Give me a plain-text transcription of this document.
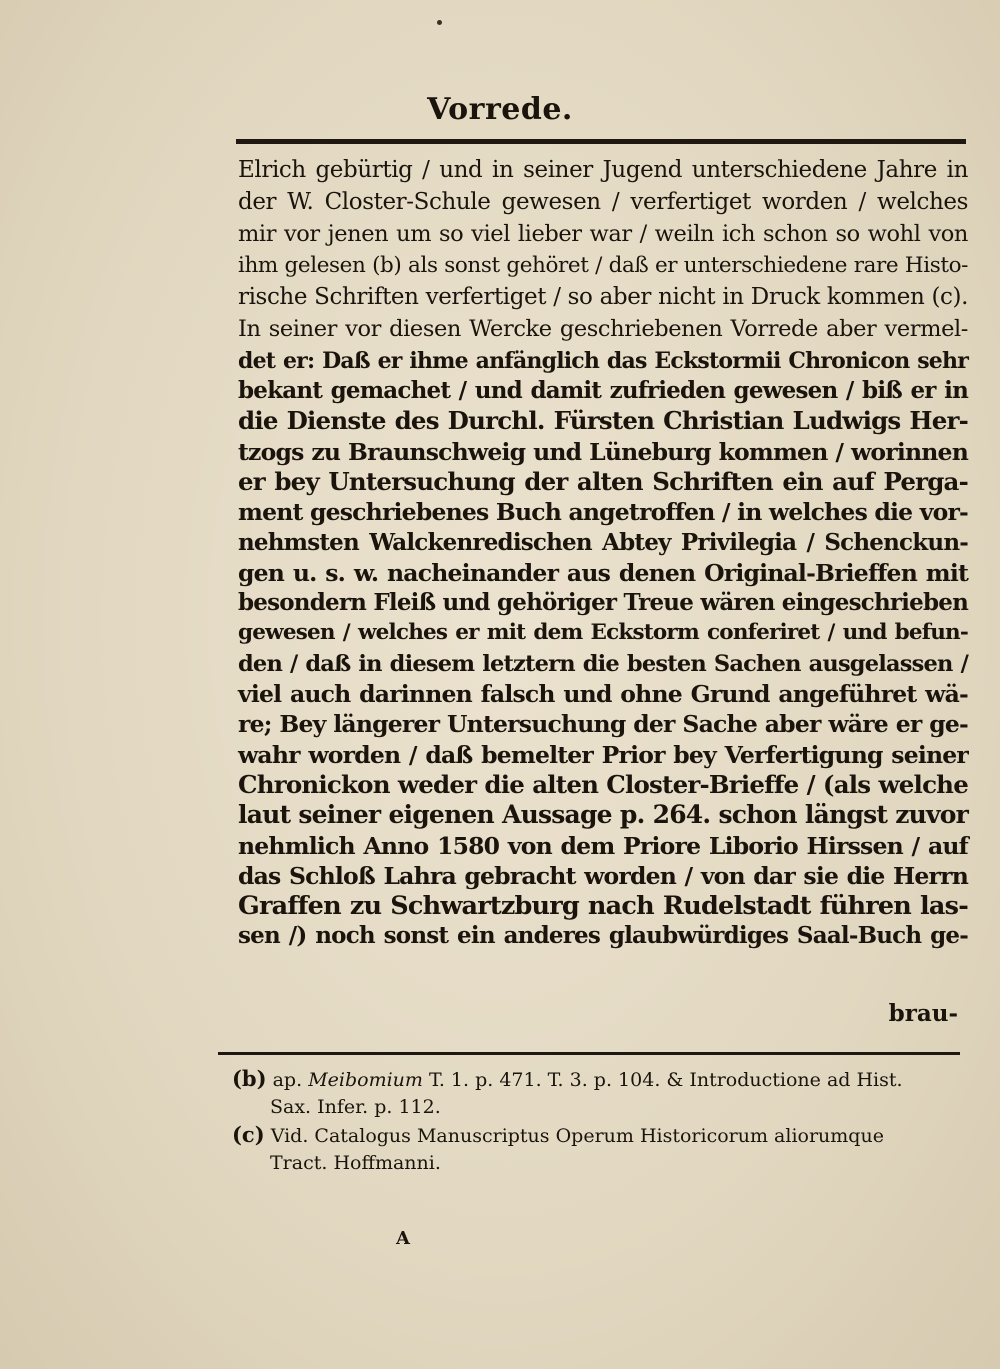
Vorrede.
Elrich gebürtig / und in seiner Jugend unterschiedene Jahre in
der W. Closter-Schule gewesen / verfertiget worden / welches
mir vor jenen um so viel lieber war / weiln ich schon so wohl von
ihm gelesen (b) als sonst gehöret / daß er unterschiedene rare Histo-
rische Schriften verfertiget / so aber nicht in Druck kommen (c).
In seiner vor diesen Wercke geschriebenen Vorrede aber vermel-
det er: Daß er ihme anfänglich das Eckstormii Chronicon sehr
bekant gemachet / und damit zufrieden gewesen / biß er in
die Dienste des Durchl. Fürsten Christian Ludwigs Her-
tzogs zu Braunschweig und Lüneburg kommen / worinnen
er bey Untersuchung der alten Schriften ein auf Perga-
ment geschriebenes Buch angetroffen / in welches die vor-
nehmsten Walckenredischen Abtey Privilegia / Schenckun-
gen u. s. w. nacheinander aus denen Original-Brieffen mit
besondern Fleiß und gehöriger Treue wären eingeschrieben
gewesen / welches er mit dem Eckstorm conferiret / und befun-
den / daß in diesem letztern die besten Sachen ausgelassen /
viel auch darinnen falsch und ohne Grund angeführet wä-
re; Bey längerer Untersuchung der Sache aber wäre er ge-
wahr worden / daß bemelter Prior bey Verfertigung seiner
Chronickon weder die alten Closter-Brieffe / (als welche
laut seiner eigenen Aussage p. 264. schon längst zuvor
nehmlich Anno 1580 von dem Priore Liborio Hirssen / auf
das Schloß Lahra gebracht worden / von dar sie die Herrn
Graffen zu Schwartzburg nach Rudelstadt führen las-
sen /) noch sonst ein anderes glaubwürdiges Saal-Buch ge-
brau-
(b) ap. Meibomium T. 1. p. 471. T. 3. p. 104. & Introductione ad Hist.
Sax. Infer. p. 112.
(c) Vid. Catalogus Manuscriptus Operum Historicorum aliorumque
Tract. Hoffmanni.
A
